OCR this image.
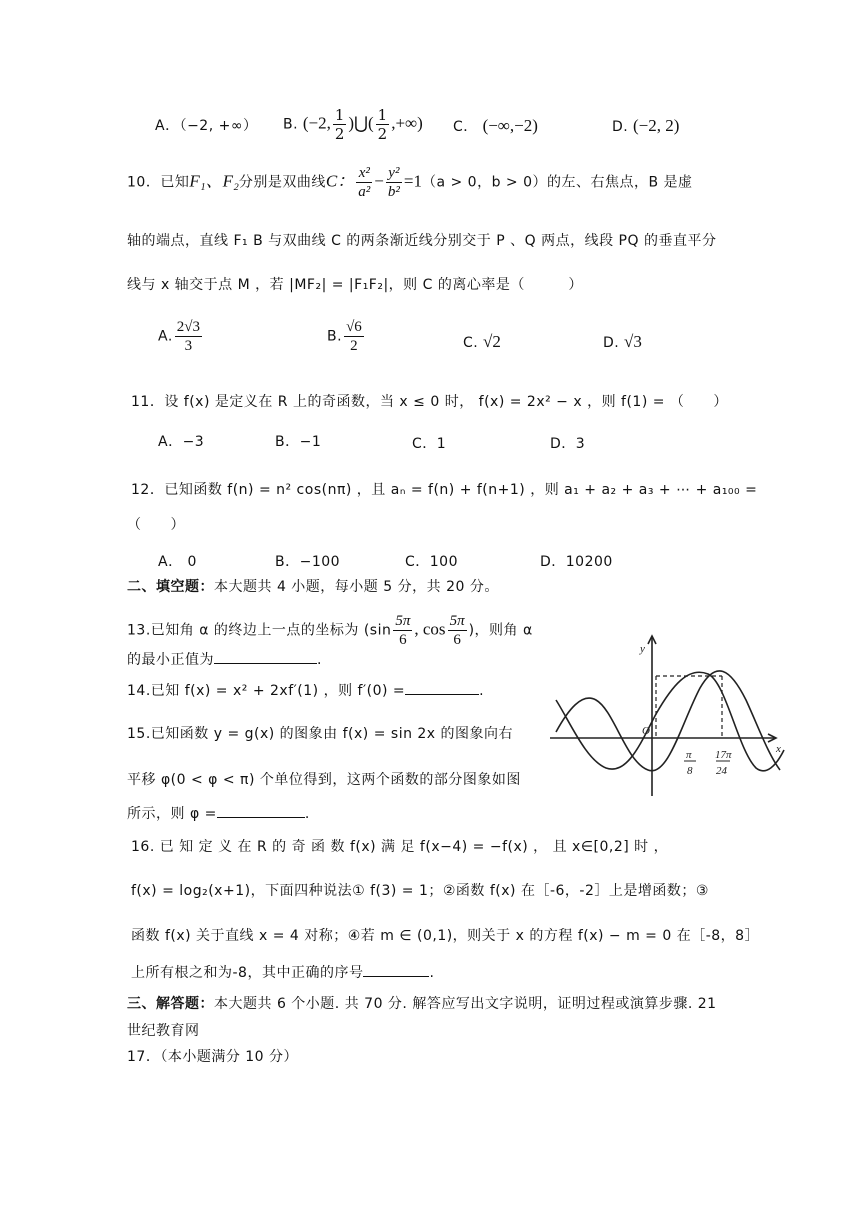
A．（−2, +∞） B. (−2, $\frac{1}{2}$ )⋃( $\frac{1}{2}$ ,+∞) C． (−∞,−2)	D. (−2, 2)
10．已知F₁、F₂分别是双曲线C： $\frac{\text{x²}}{\text{a²}} - \frac{\text{y²}}{\text{b²}} =1(a > 0$，b > 0）的左、右焦点，B 是虚
轴的端点，直线 F₁ B 与双曲线 C 的两条渐近线分别交于 P 、Q 两点，线段 PQ 的垂直平分
线与 x 轴交于点 M ，若 |MF₂| = |F₁F₂|，则 C 的离心率是（　　　）
A. $\frac{2√3}{3}$	B. $\frac{√6}{2}$	C. √2	D. √3
11．设 f(x) 是定义在 R 上的奇函数，当 x ≤ 0 时， f(x) = 2x² − x ，则 f(1) = （　　）
A．−3	B．−1	C．1	D．3
12．已知函数 f(n) = n² cos(nπ) ，且 aₙ = f(n) + f(n+1) ，则 a₁ + a₂ + a₃ + ⋯ + a₁₀₀ =
（　　）
A． 0	B．−100	C．100	D．10200
二、填空题：本大题共 4 小题，每小题 5 分，共 20 分。
13.已知角 α 的终边上一点的坐标为 ($\sin \frac{5\pi}{6}$ , $\cos \frac{5\pi}{6}$ )，则角 α
的最小正值为	.
14.已知 f(x) = x² + 2xf′(1) ，则 f′(0) =	.
15.已知函数 y = g(x) 的图象由 f(x) = sin 2x 的图象向右
平移 φ(0 < φ < π) 个单位得到，这两个函数的部分图象如图
所示，则 φ =	.
y
x
O
π
8
17π
24
16. 已 知 定 义 在 R 的 奇 函 数 f(x) 满 足 f(x−4) = −f(x) ， 且 x∈[0,2] 时 ，
f(x) = log₂(x+1)，下面四种说法① f(3) = 1；②函数 f(x) 在［-6，-2］上是增函数；③
函数 f(x) 关于直线 x = 4 对称；④若 m ∈ (0,1)，则关于 x 的方程 f(x) − m = 0 在［-8，8］
上所有根之和为-8，其中正确的序号	.
三、解答题：本大题共 6 个小题. 共 70 分. 解答应写出文字说明，证明过程或演算步骤. 21
世纪教育网
17．（本小题满分 10 分）
